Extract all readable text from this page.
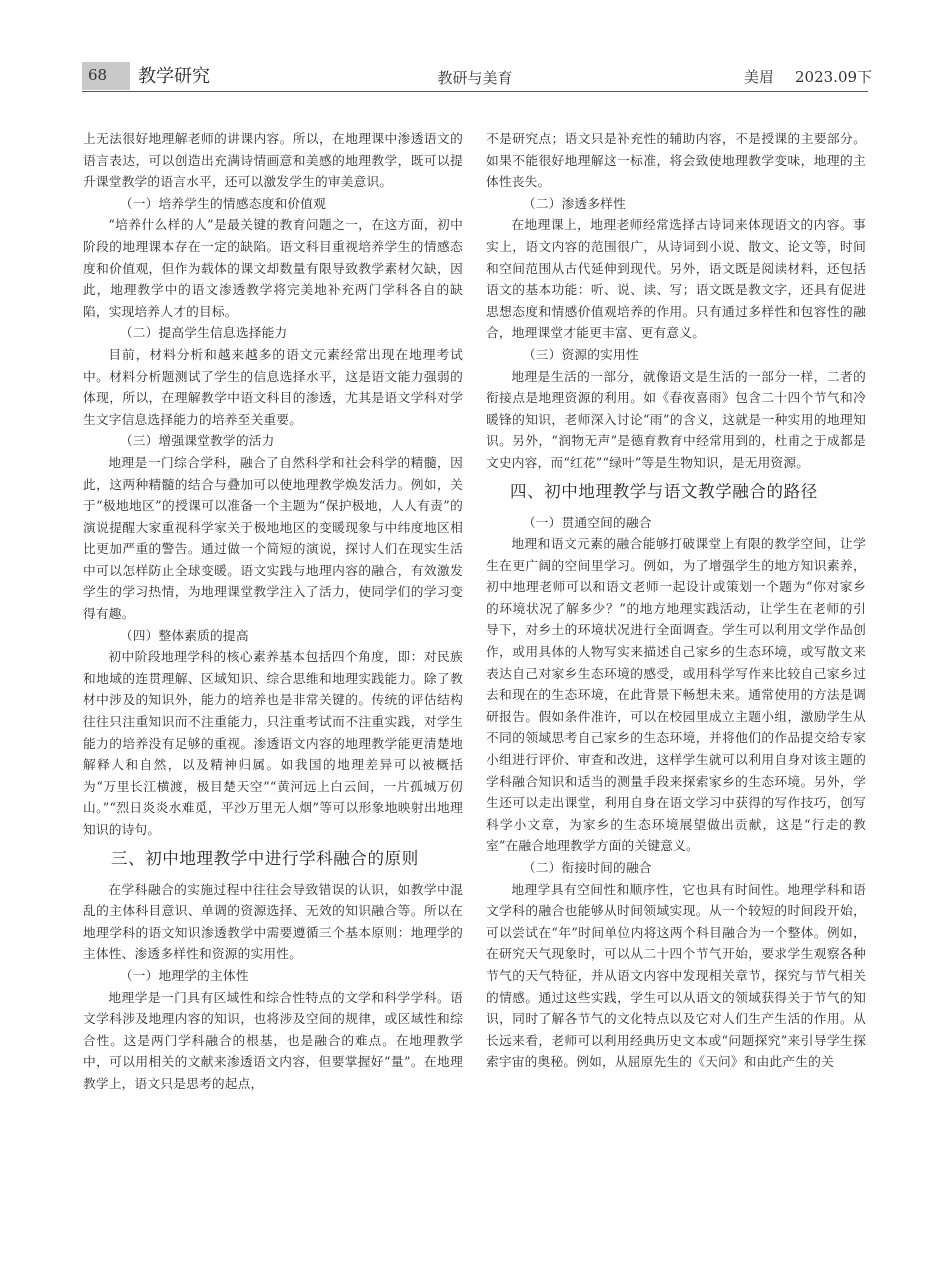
68 教学研究	教研与美育	美眉 2023.09下

上无法很好地理解老师的讲课内容。所以，在地理课中渗透语文的语言表达，可以创造出充满诗情画意和美感的地理教学，既可以提升课堂教学的语言水平，还可以激发学生的审美意识。

（一）培养学生的情感态度和价值观

“培养什么样的人”是最关键的教育问题之一，在这方面，初中阶段的地理课本存在一定的缺陷。语文科目重视培养学生的情感态度和价值观，但作为载体的课文却数量有限导致教学素材欠缺，因此，地理教学中的语文渗透教学将完美地补充两门学科各自的缺陷，实现培养人才的目标。

（二）提高学生信息选择能力

目前，材料分析和越来越多的语文元素经常出现在地理考试中。材料分析题测试了学生的信息选择水平，这是语文能力强弱的体现，所以，在理解教学中语文科目的渗透，尤其是语文学科对学生文字信息选择能力的培养至关重要。

（三）增强课堂教学的活力

地理是一门综合学科，融合了自然科学和社会科学的精髓，因此，这两种精髓的结合与叠加可以使地理教学焕发活力。例如，关于“极地地区”的授课可以准备一个主题为“保护极地，人人有责”的演说提醒大家重视科学家关于极地地区的变暖现象与中纬度地区相比更加严重的警告。通过做一个简短的演说，探讨人们在现实生活中可以怎样防止全球变暖。语文实践与地理内容的融合，有效激发学生的学习热情，为地理课堂教学注入了活力，使同学们的学习变得有趣。

（四）整体素质的提高

初中阶段地理学科的核心素养基本包括四个角度，即：对民族和地域的连贯理解、区域知识、综合思维和地理实践能力。除了教材中涉及的知识外，能力的培养也是非常关键的。传统的评估结构往往只注重知识而不注重能力，只注重考试而不注重实践，对学生能力的培养没有足够的重视。渗透语文内容的地理教学能更清楚地解释人和自然，以及精神归属。如我国的地理差异可以被概括为“万里长江横渡，极目楚天空”“黄河远上白云间，一片孤城万仞山。”“烈日炎炎水难觅，平沙万里无人烟”等可以形象地映射出地理知识的诗句。

三、初中地理教学中进行学科融合的原则

在学科融合的实施过程中往往会导致错误的认识，如教学中混乱的主体科目意识、单调的资源选择、无效的知识融合等。所以在地理学科的语文知识渗透教学中需要遵循三个基本原则：地理学的主体性、渗透多样性和资源的实用性。

（一）地理学的主体性

地理学是一门具有区域性和综合性特点的文学和科学学科。语文学科涉及地理内容的知识，也将涉及空间的规律，或区域性和综合性。这是两门学科融合的根基，也是融合的难点。在地理教学中，可以用相关的文献来渗透语文内容，但要掌握好“量”。在地理教学上，语文只是思考的起点，

不是研究点；语文只是补充性的辅助内容，不是授课的主要部分。如果不能很好地理解这一标准，将会致使地理教学变味，地理的主体性丧失。

（二）渗透多样性

在地理课上，地理老师经常选择古诗词来体现语文的内容。事实上，语文内容的范围很广，从诗词到小说、散文、论文等，时间和空间范围从古代延伸到现代。另外，语文既是阅读材料，还包括语文的基本功能：听、说、读、写；语文既是教文字，还具有促进思想态度和情感价值观培养的作用。只有通过多样性和包容性的融合，地理课堂才能更丰富、更有意义。

（三）资源的实用性

地理是生活的一部分，就像语文是生活的一部分一样，二者的衔接点是地理资源的利用。如《春夜喜雨》包含二十四个节气和冷暖锋的知识，老师深入讨论“雨”的含义，这就是一种实用的地理知识。另外，“润物无声”是德育教育中经常用到的，杜甫之于成都是文史内容，而“红花”“绿叶”等是生物知识，是无用资源。

四、初中地理教学与语文教学融合的路径
（一）贯通空间的融合

地理和语文元素的融合能够打破课堂上有限的教学空间，让学生在更广阔的空间里学习。例如，为了增强学生的地方知识素养，初中地理老师可以和语文老师一起设计或策划一个题为“你对家乡的环境状况了解多少？”的地方地理实践活动，让学生在老师的引导下，对乡土的环境状况进行全面调查。学生可以利用文学作品创作，或用具体的人物写实来描述自己家乡的生态环境，或写散文来表达自己对家乡生态环境的感受，或用科学写作来比较自己家乡过去和现在的生态环境，在此背景下畅想未来。通常使用的方法是调研报告。假如条件准许，可以在校园里成立主题小组，激励学生从不同的领域思考自己家乡的生态环境，并将他们的作品提交给专家小组进行评价、审查和改进，这样学生就可以利用自身对该主题的学科融合知识和适当的测量手段来探索家乡的生态环境。另外，学生还可以走出课堂，利用自身在语文学习中获得的写作技巧，创写科学小文章，为家乡的生态环境展望做出贡献，这是“行走的教室”在融合地理教学方面的关键意义。

（二）衔接时间的融合

地理学具有空间性和顺序性，它也具有时间性。地理学科和语文学科的融合也能够从时间领域实现。从一个较短的时间段开始，可以尝试在“年”时间单位内将这两个科目融合为一个整体。例如，在研究天气现象时，可以从二十四个节气开始，要求学生观察各种节气的天气特征，并从语文内容中发现相关章节，探究与节气相关的情感。通过这些实践，学生可以从语文的领域获得关于节气的知识，同时了解各节气的文化特点以及它对人们生产生活的作用。从长远来看，老师可以利用经典历史文本或“问题探究”来引导学生探索宇宙的奥秘。例如，从屈原先生的《天问》和由此产生的关
